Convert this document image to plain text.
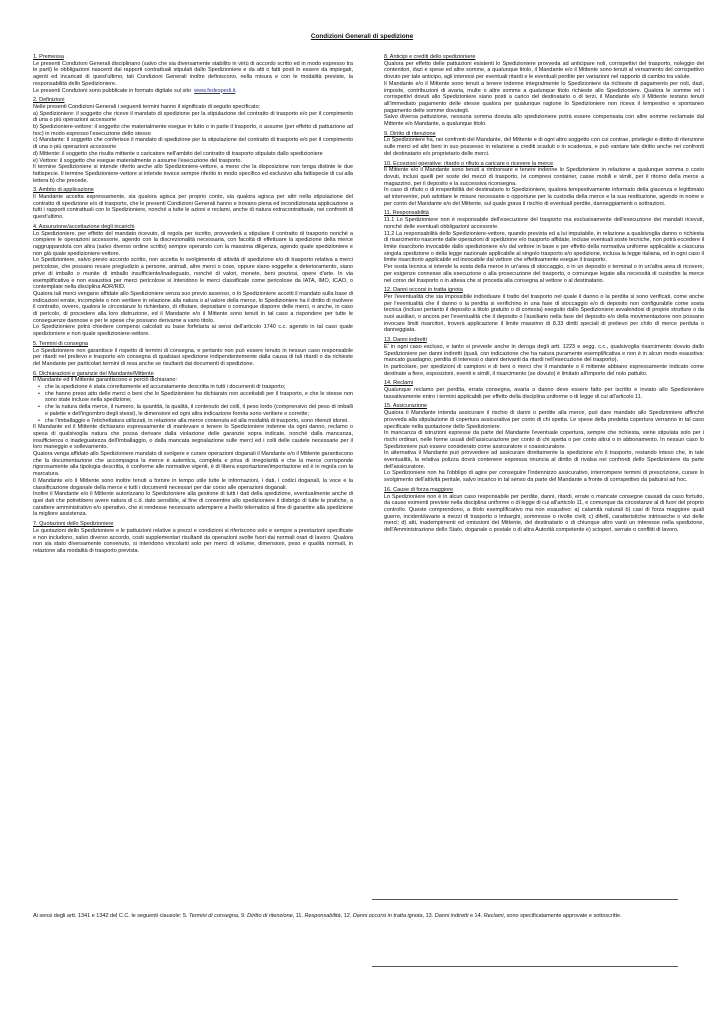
Condizioni Generali di spedizione
1. Premessa

Le presenti Condizioni Generali disciplinano (salvo che sia diversamente stabilito in virtù di accordo scritto ed in modo espresso tra le parti) le obbligazioni nascenti dai rapporti contrattuali stipulati dallo Spedizioniere e da atti o fatti posti in essere da impiegati, agenti ed incaricati di quest'ultimo; tali Condizioni Generali inoltre definiscono, nella misura e con le modalità previste, la responsabilità dello Spedizioniere.

Le presenti Condizioni sono pubblicate in formato digitale sul sito www.fedespedi.it.

2. Definizioni

Nelle presenti Condizioni Generali i seguenti termini hanno il significato di seguito specificato:

a) Spedizioniere: il soggetto che riceve il mandato di spedizione per la stipulazione del contratto di trasporto e/o per il compimento di una o più operazioni accessorie

b) Spedizioniere-vettore: il soggetto che materialmente esegue in tutto o in parte il trasporto, o assume (per effetto di pattuizione ad hoc) in modo espresso l'esecuzione dello stesso

c) Mandante: il soggetto che conferisce il mandato di spedizione per la stipulazione del contratto di trasporto e/o per il compimento di una o più operazioni accessorie

d) Mittente: il soggetto che risulta mittente o caricatore nell'ambito del contratto di trasporto stipulato dallo spedizioniere

e) Vettore: il soggetto che esegue materialmente o assume l'esecuzione del trasporto.

Il termine Spedizioniere si intende riferito anche allo Spedizioniere-vettore, a meno che la disposizione non tenga distinte le due fattispecie. Il termine Spedizioniere-vettore si intende invece sempre riferito in modo specifico ed esclusivo alla fattispecie di cui alla lettera b) che precede.

3. Ambito di applicazione

Il Mandante accetta espressamente, sia qualora agisca per proprio conto, sia qualora agisca per altri nella stipulazione del contratto di spedizione e/o di trasporto, che le presenti Condizioni Generali hanno e trovano piena ed incondizionata applicazione a tutti i rapporti contrattuali con lo Spedizioniere, nonché a tutte le azioni e reclami, anche di natura extracontrattuale, nei confronti di quest'ultimo.

4. Assunzione/accettazione degli incarichi

Lo Spedizioniere, per effetto del mandato ricevuto, di regola per iscritto, provvederà a stipulare il contratto di trasporto nonché a compiere le operazioni accessorie, agendo con la discrezionalità necessaria, con facoltà di effettuare la spedizione della merce raggruppandola con altra (salvo diverso ordine scritto) sempre operando con la massima diligenza, agendo quale spedizioniere e non già quale spedizioniere-vettore.

Lo Spedizioniere, salvo previo accordo scritto, non accetta lo svolgimento di attività di spedizione e/o di trasporto relativa a merci pericolose, che possano recare pregiudizio a persone, animali, altre merci o cose, oppure siano soggette a deterioramento, siano prive di imballo o munite di imballo insufficiente/inadeguato, nonché di valori, monete, beni preziosi, opere d'arte. In via esemplificativa e non esaustiva per merci pericolose si intendono le merci classificate come pericolose da IATA, IMO, ICAO, o contemplate nella disciplina ADR/RID.

Qualora tali merci vengano affidate allo Spedizioniere senza suo previo assenso, o lo Spedizioniere accetti il mandato sulla base di indicazioni errate, incomplete o non veritiere in relazione alla natura o al valore della merce, lo Spedizioniere ha il diritto di risolvere il contratto, ovvero, qualora le circostanze lo richiedano, di rifiutare, depositare o comunque disporre delle merci, o anche, in caso di pericolo, di procedere alla loro distruzione, ed il Mandante e/o il Mittente sono tenuti in tal caso a rispondere per tutte le conseguenze dannose e per le spese che possano derivarne a vario titolo.

Lo Spedizioniere potrà chiedere compensi calcolati su base forfetaria ai sensi dell'articolo 1740 c.c. agendo in tal caso quale spedizioniere e non quale spedizioniere-vettore.

5. Termini di consegna

Lo Spedizioniere non garantisce il rispetto di termini di consegna, e pertanto non può essere tenuto in nessun caso responsabile per ritardi nel prelievo e trasporto e/o consegna di qualsiasi spedizione indipendentemente dalla causa di tali ritardi o da richieste del Mandante per particolari termini di resa anche se risultanti dai documenti di spedizione.

6. Dichiarazioni e garanzie del Mandante/Mittente

Il Mandante ed il Mittente garantiscono e perciò dichiarano:

• che la spedizione è stata correttamente ed accuratamente descritta in tutti i documenti di trasporto;
• che hanno preso atto delle merci o beni che lo Spedizioniere ha dichiarato non accettabili per il trasporto, e che le stesse non sono state incluse nella spedizione;
• che la natura della merce, il numero, la quantità, la qualità, il contenuto dei colli, il peso lordo (comprensivo del peso di imballi e palette e dell'ingombro degli stessi), le dimensioni ed ogni altra indicazione fornita sono veritiere e corrette;
• che l'imballaggio e l'etichettatura utilizzati, in relazione alla merce contenuta ed alla modalità di trasporto, sono ritenuti idonei.

Il Mandante ed il Mittente dichiarano espressamente di manlevare e tenere lo Spedizioniere indenne da ogni danno, reclamo o spesa di qualsivoglia natura che possa derivare dalla violazione delle garanzie sopra indicate, nonché dalla mancanza, insufficienza o inadeguatezza dell'imballaggio, o dalla mancata segnalazione sulle merci ed i colli delle cautele necessarie per il loro maneggio e sollevamento.

Qualora venga affidato allo Spedizioniere mandato di svolgere e curare operazioni doganali il Mandante e/o il Mittente garantiscono che la documentazione che accompagna la merce è autentica, completa e priva di irregolarità e che la merce corrisponde rigorosamente alla tipologia descritta, è conforme alle normative vigenti, è di libera esportazione/importazione ed è in regola con la marcatura.

Il Mandante e/o il Mittente sono inoltre tenuti a fornire in tempo utile tutte le informazioni, i dati, i codici doganali, la voce e la classificazione doganale della merce e tutti i documenti necessari per dar corso alle operazioni doganali.

Inoltre il Mandante e/o il Mittente autorizzano lo Spedizioniere alla gestione di tutti i dati della spedizione, eventualmente anche di quei dati che potrebbero avere natura di c.d. dato sensibile, al fine di consentire allo spedizioniere il disbrigo di tutte le pratiche, a carattere amministrativo e/o operativo, che si rendesse necessario adempiere a livello telematico al fine di garantire alla spedizione la migliore assistenza.

7. Quotazioni dello Spedizioniere

Le quotazioni dello Spedizioniere e le pattuizioni relative a prezzi e condizioni si riferiscono solo e sempre a prestazioni specificate e non includono, salvo diverso accordo, costi supplementari risultanti da operazioni svolte fuori dai normali orari di lavoro. Qualora non sia stato diversamente convenuto, si intendono vincolanti solo per merci di volume, dimensioni, peso e qualità normali, in relazione alla modalità di trasporto prevista.

8. Anticipi e crediti dello spedizioniere

Qualora per effetto delle pattuizioni esistenti lo Spedizioniere provveda ad anticipare noli, corrispettivi del trasporto, noleggio dei contenitori, dazi e spese ed altre somme, a qualunque titolo, il Mandante e/o il Mittente sono tenuti al versamento del corrispettivo dovuto per tale anticipo, agli interessi per eventuali ritardi e le eventuali perdite per variazioni nel rapporto di cambio tra valute.

Il Mandante e/o il Mittente sono tenuti a tenere indenne integralmente lo Spedizioniere da richieste di pagamento per noli, dazi, imposte, contribuzioni di avaria, multe o altre somme a qualunque titolo richieste allo Spedizioniere. Qualora le somme ed i corrispettivi dovuti allo Spedizioniere siano posti a carico del destinatario o di terzi, il Mandante e/o il Mittente restano tenuti all'immediato pagamento delle stesse qualora per qualunque ragione lo Spedizioniere non riceva il tempestivo e spontaneo pagamento delle somme dovutegli.

Salvo diversa pattuizione, nessuna somma dovuta allo spedizioniere potrà essere compensata con altre somme reclamate dal Mittente e/o Mandante, a qualunque titolo.

9. Diritto di ritenzione

Lo Spedizioniere ha, nei confronti del Mandante, del Mittente e di ogni altro soggetto con cui contrae, privilegio e diritto di ritenzione sulle merci ed altri beni in suo possesso in relazione a crediti scaduti o in scadenza, e può vantare tale diritto anche nei confronti del destinatario e/o proprietario delle merci.

10. Eccezioni operative: ritardo o rifiuto a caricare o ricevere la merce

Il Mittente e/o il Mandante sono tenuti a rimborsare e tenere indenne lo Spedizioniere in relazione a qualunque somma o costo dovuti, inclusi quelli per soste dei mezzi di trasporto, ivi compresi container, casse mobili e simili, per il ritorno della merce a magazzino, per il deposito e la successiva riconsegna.

In caso di rifiuto o di irreperibilità del destinatario lo Spedizioniere, qualora tempestivamente informato della giacenza e legittimato ad intervenire, può adottare le misure necessarie o opportune per la custodia della merce e la sua restituzione, agendo in nome e per conto del Mandante e/o del Mittente, sul quale grava il rischio di eventuali perdite, danneggiamenti o sottrazioni.

11. Responsabilità

11.1 Lo Spedizioniere non è responsabile dell'esecuzione del trasporto ma esclusivamente dell'esecuzione dei mandati ricevuti, nonché delle eventuali obbligazioni accessorie.

11.2 La responsabilità dello Spedizioniere-vettore, quando prevista ed a lui imputabile, in relazione a qualsivoglia danno o richiesta di risarcimento nascente dalle operazioni di spedizione e/o trasporto affidate, incluse eventuali soste tecniche, non potrà eccedere il limite risarcitorio invocabile dallo spedizioniere e/o dal vettore in base e per effetto della normativa uniforme applicabile a ciascuna singola spedizione o della legge nazionale applicabile al singolo trasporto e/o spedizione, inclusa la legge italiana, ed in ogni caso il limite risarcitorio applicabile ed invocabile dal vettore che effettivamente esegue il trasporto.

Per sosta tecnica si intende la sosta della merce in un'area di stoccaggio, o in un deposito o terminal o in un'altra area di ricovero, per esigenze connesse alla esecuzione o alla prosecuzione del trasporto, o comunque legate alla necessità di custodire la merce nel corso del trasporto o in attesa che si proceda alla consegna al vettore o al destinatario.

12. Danni occorsi in tratta ignota

Per l'eventualità che sia impossibile individuare il tratto del trasporto nel quale il danno o la perdita si sono verificati, come anche per l'eventualità che il danno o la perdita si verifichino in una fase di stoccaggio e/o di deposito non configurabile come sosta tecnica (incluso pertanto il deposito a titolo gratuito o di cortesia) eseguito dallo Spedizioniere avvalendosi di proprie strutture o da suoi ausiliari, o ancora per l'eventualità che il deposito o l'ausiliario nella fase del deposito e/o della movimentazione non possano invocare limiti risarcitori, troverà applicazione il limite massimo di 8,33 diritti speciali di prelievo per chilo di merce perduta o danneggiata.

13. Danni indiretti

E' in ogni caso escluso, e tanto si prevede anche in deroga degli artt. 1223 e segg. c.c., qualsivoglia risarcimento dovuto dallo Spedizioniere per danni indiretti (quali, con indicazione che ha natura puramente esemplificativa e non è in alcun modo esaustiva: mancato guadagno, perdita di interessi o danni derivanti da ritardi nell'esecuzione del trasporto).

In particolare, per spedizioni di campioni e di beni o merci che il mandante o il mittente abbiano espressamente indicato come destinate a fiere, esposizioni, eventi e simili, il risarcimento (se dovuto) è limitato all'importo del nolo pattuito.

14. Reclami

Qualunque reclamo per perdita, errata consegna, avaria o danno deve essere fatto per iscritto e inviato allo Spedizioniere tassativamente entro i termini applicabili per effetto della disciplina uniforme o di legge di cui all'articolo 11.

15. Assicurazione

Qualora il Mandante intenda assicurare il rischio di danni o perdite alla merce, può dare mandato allo Spedizioniere affinché provveda alla stipulazione di copertura assicurativa per conto di chi spetta. Le spese della predetta copertura verranno in tal caso specificate nella quotazione dello Spedizioniere.

In mancanza di istruzioni espresse da parte del Mandante l'eventuale copertura, sempre che richiesta, viene stipulata solo per i rischi ordinari, nelle forme usuali dell'assicurazione per conto di chi spetta o per conto altrui o in abbonamento. In nessun caso lo Spedizioniere può essere considerato come assicuratore o coassicuratore.

In alternativa il Mandante può provvedere ad assicurare direttamente la spedizione e/o il trasporto, restando inteso che, in tale eventualità, la relativa polizza dovrà contenere espressa rinuncia al diritto di rivalsa nei confronti dello Spedizioniere da parte dell'assicuratore.

Lo Spedizioniere non ha l'obbligo di agire per conseguire l'indennizzo assicurativo, interrompere termini di prescrizione, curare lo svolgimento dell'attività peritale, salvo incarico in tal senso da parte del Mandante a fronte di corrispettivo da pattuirsi ad hoc.

16. Cause di forza maggiore

Lo Spedizioniere non è in alcun caso responsabile per perdite, danni, ritardi, errate o mancate consegne causati da caso fortuito, da cause esimenti previste nella disciplina uniforme o di legge di cui all'articolo 11, e comunque da circostanze al di fuori del proprio controllo. Queste comprendono, a titolo esemplificativo ma non esaustivo: a) calamità naturali b) casi di forza maggiore quali guerre, incidenti/avarie a mezzi di trasporto o imbarghi, sommosse o rivolte civili; c) difetti, caratteristiche intrinseche o vizi delle merci; d) atti, inadempimenti od omissioni del Mittente, del destinatario o di chiunque altro vanti un interesse nella spedizione, dell'Amministrazione dello Stato, doganale o postale o di altra Autorità competente e) scioperi, serrate o conflitti di lavoro.

Ai sensi degli artt. 1341 e 1342 del C.C. le seguenti clausole: 5. Termini di consegna, 9. Diritto di ritenzione, 11. Responsabilità, 12. Danni occorsi in tratta ignota, 13. Danni indiretti e 14. Reclami, sono specificatamente approvate e sottoscritte.
